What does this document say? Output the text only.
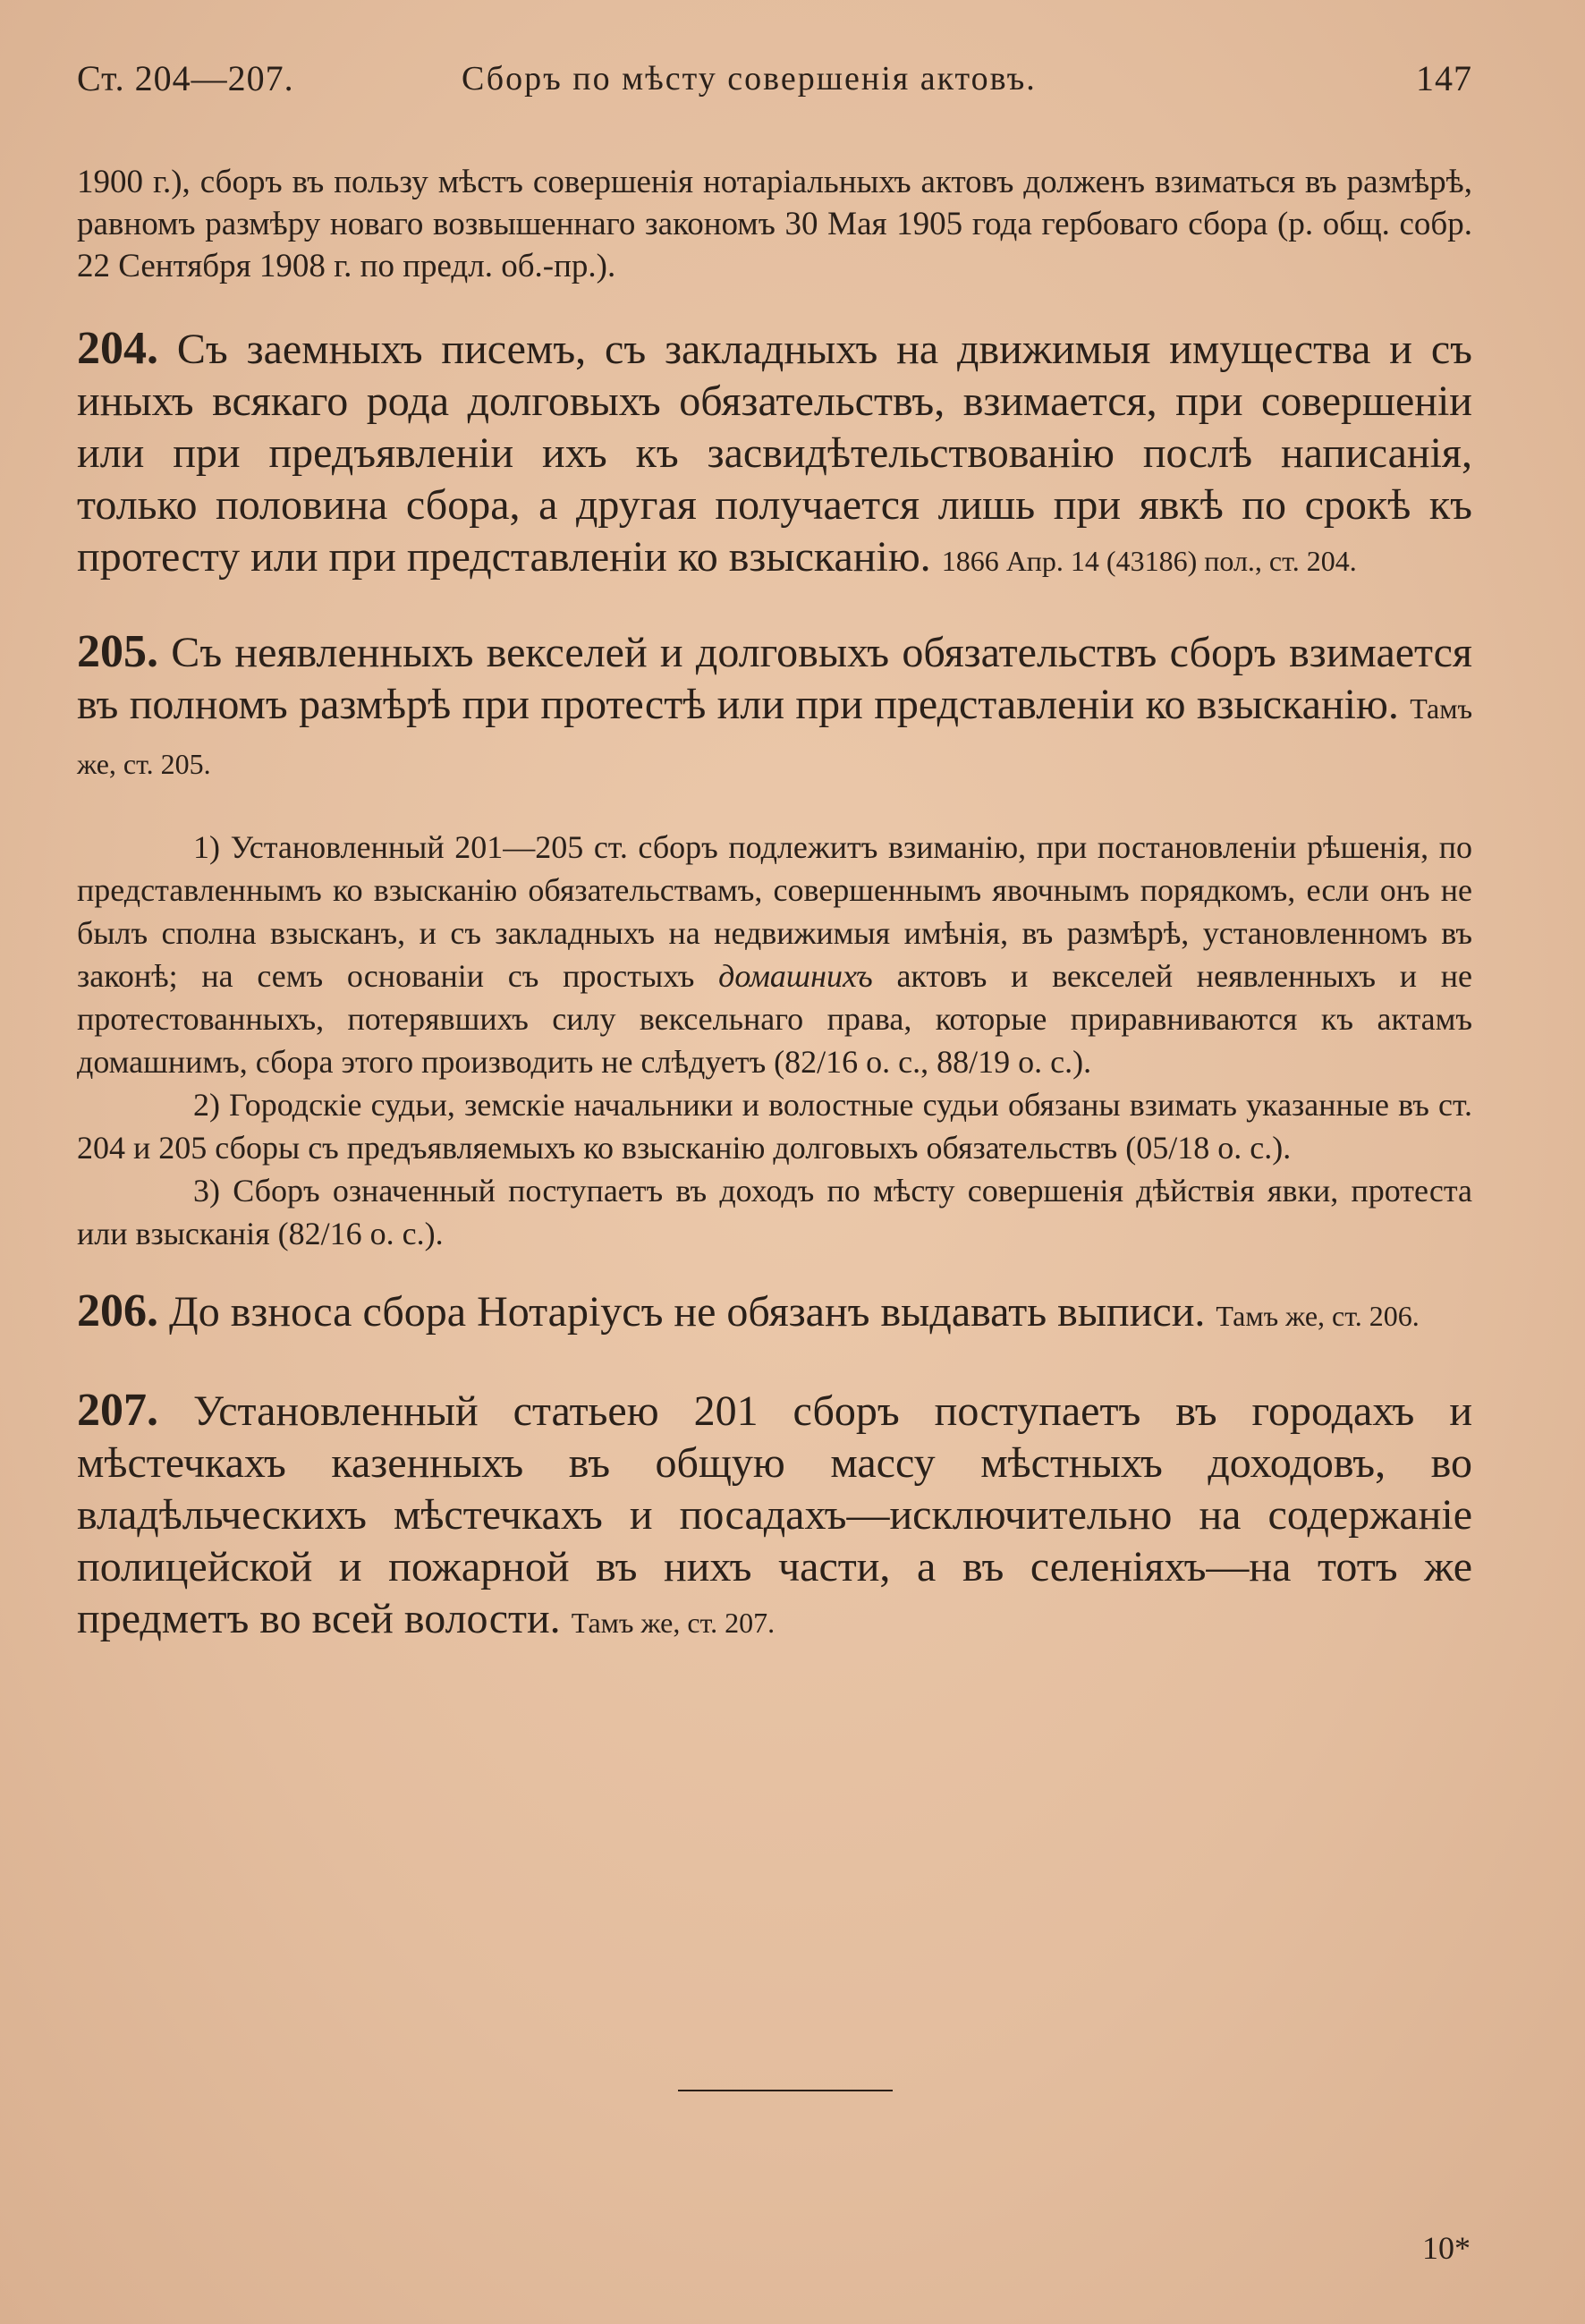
Ст. 204—207.	Сборъ по мѣсту совершенія актовъ.	147

1900 г.), сборъ въ пользу мѣстъ совершенія нотаріальныхъ актовъ долженъ взиматься въ размѣрѣ, равномъ размѣру новаго возвышеннаго закономъ 30 Мая 1905 года гербоваго сбора (р. общ. собр. 22 Сентября 1908 г. по предл. об.-пр.).

204. Съ заемныхъ писемъ, съ закладныхъ на движимыя имущества и съ иныхъ всякаго рода долговыхъ обязательствъ, взимается, при совершеніи или при предъявленіи ихъ къ засвидѣтельствованію послѣ написанія, только половина сбора, а другая получается лишь при явкѣ по срокѣ къ протесту или при представленіи ко взысканію. 1866 Апр. 14 (43186) пол., ст. 204.

205. Съ неявленныхъ векселей и долговыхъ обязательствъ сборъ взимается въ полномъ размѣрѣ при протестѣ или при представленіи ко взысканію. Тамъ же, ст. 205.

1) Установленный 201—205 ст. сборъ подлежитъ взиманію, при постановленіи рѣшенія, по представленнымъ ко взысканію обязательствамъ, совершеннымъ явочнымъ порядкомъ, если онъ не былъ сполна взысканъ, и съ закладныхъ на недвижимыя имѣнія, въ размѣрѣ, установленномъ въ законѣ; на семъ основаніи съ простыхъ домашнихъ актовъ и векселей неявленныхъ и не протестованныхъ, потерявшихъ силу вексельнаго права, которые приравниваются къ актамъ домашнимъ, сбора этого производить не слѣдуетъ (82/16 о. с., 88/19 о. с.).

2) Городскіе судьи, земскіе начальники и волостные судьи обязаны взимать указанные въ ст. 204 и 205 сборы съ предъявляемыхъ ко взысканію долговыхъ обязательствъ (05/18 о. с.).

3) Сборъ означенный поступаетъ въ доходъ по мѣсту совершенія дѣйствія явки, протеста или взысканія (82/16 о. с.).

206. До взноса сбора Нотаріусъ не обязанъ выдавать выписи. Тамъ же, ст. 206.

207. Установленный статьею 201 сборъ поступаетъ въ городахъ и мѣстечкахъ казенныхъ въ общую массу мѣстныхъ доходовъ, во владѣльческихъ мѣстечкахъ и посадахъ—исключительно на содержаніе полицейской и пожарной въ нихъ части, а въ селеніяхъ—на тотъ же предметъ во всей волости. Тамъ же, ст. 207.

10*
